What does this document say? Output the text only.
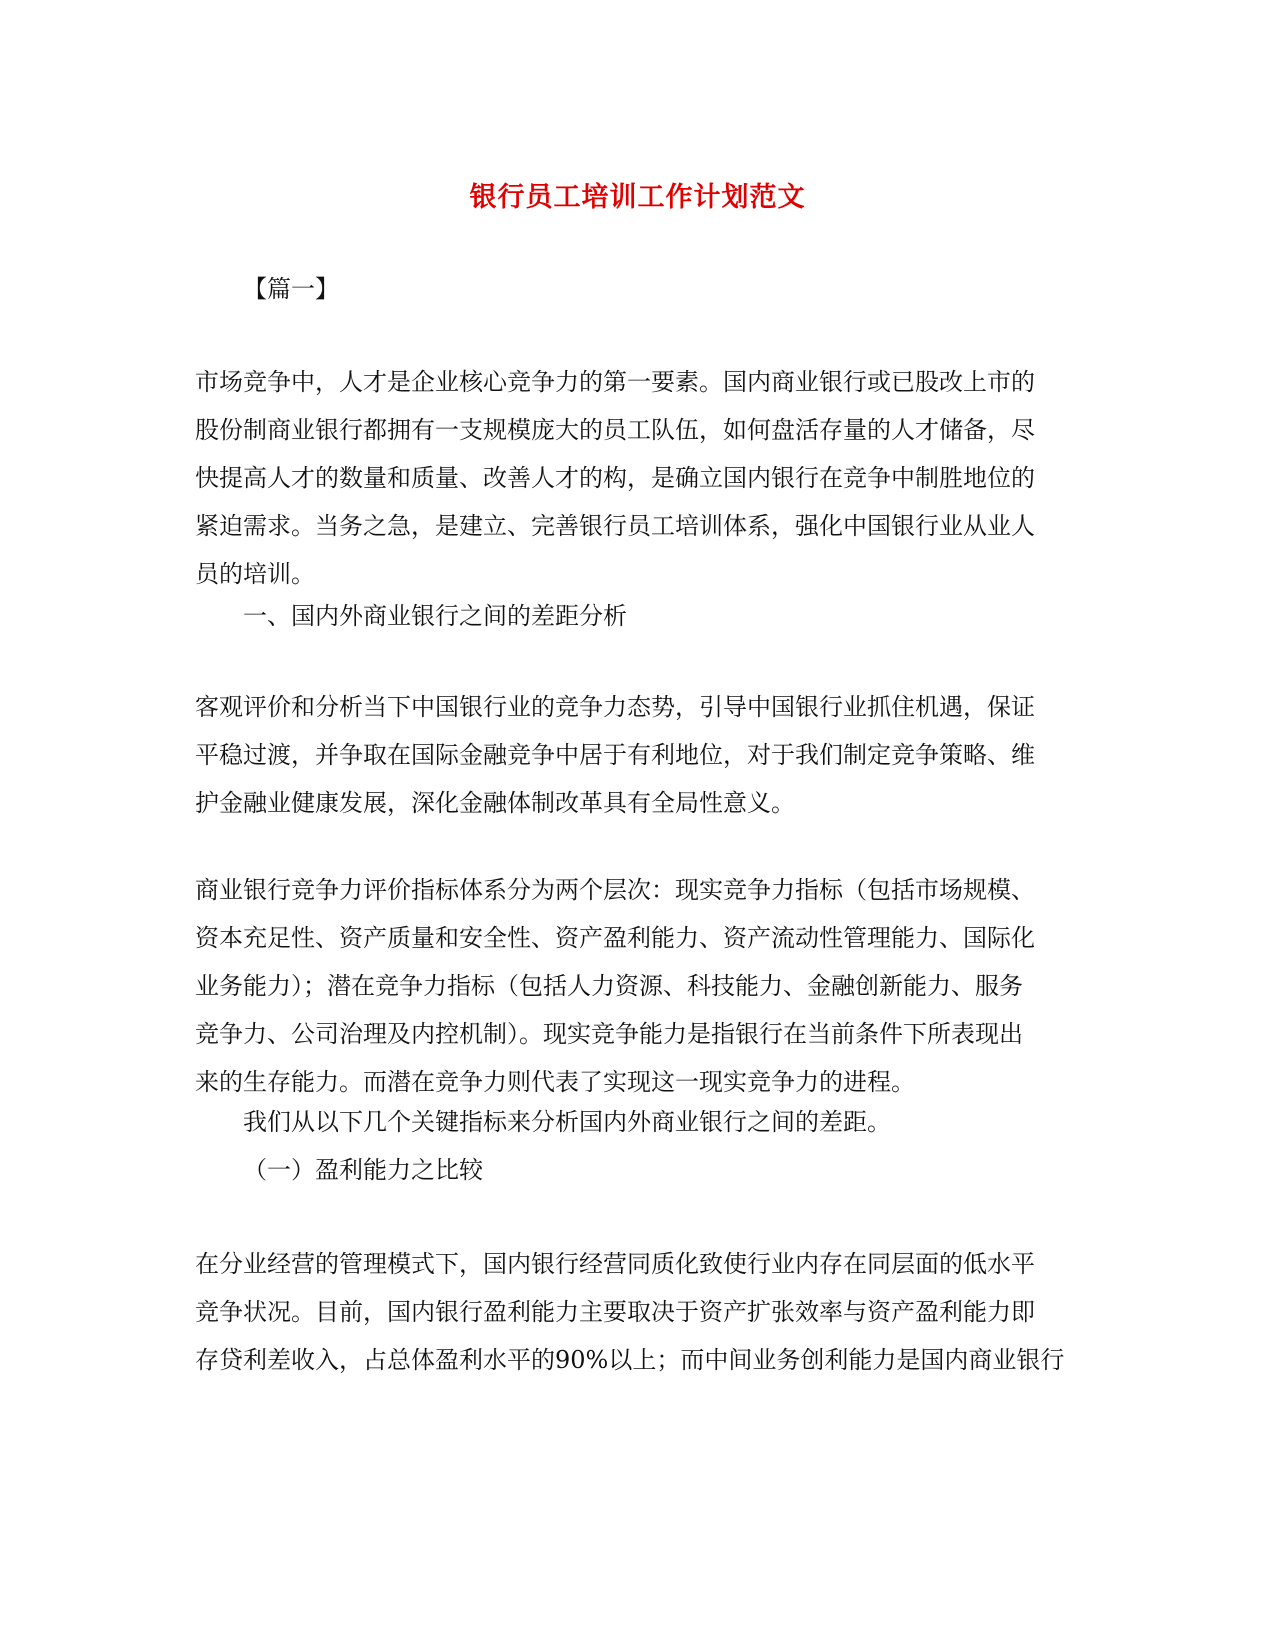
银行员工培训工作计划范文
【篇一】
市场竞争中，人才是企业核心竞争力的第一要素。国内商业银行或已股改上市的
股份制商业银行都拥有一支规模庞大的员工队伍，如何盘活存量的人才储备，尽
快提高人才的数量和质量、改善人才的构，是确立国内银行在竞争中制胜地位的
紧迫需求。当务之急，是建立、完善银行员工培训体系，强化中国银行业从业人
员的培训。
一、国内外商业银行之间的差距分析
客观评价和分析当下中国银行业的竞争力态势，引导中国银行业抓住机遇，保证
平稳过渡，并争取在国际金融竞争中居于有利地位，对于我们制定竞争策略、维
护金融业健康发展，深化金融体制改革具有全局性意义。
商业银行竞争力评价指标体系分为两个层次：现实竞争力指标（包括市场规模、
资本充足性、资产质量和安全性、资产盈利能力、资产流动性管理能力、国际化
业务能力）；潜在竞争力指标（包括人力资源、科技能力、金融创新能力、服务
竞争力、公司治理及内控机制）。现实竞争能力是指银行在当前条件下所表现出
来的生存能力。而潜在竞争力则代表了实现这一现实竞争力的进程。
我们从以下几个关键指标来分析国内外商业银行之间的差距。
（一）盈利能力之比较
在分业经营的管理模式下，国内银行经营同质化致使行业内存在同层面的低水平
竞争状况。目前，国内银行盈利能力主要取决于资产扩张效率与资产盈利能力即
存贷利差收入，占总体盈利水平的90%以上；而中间业务创利能力是国内商业银行
